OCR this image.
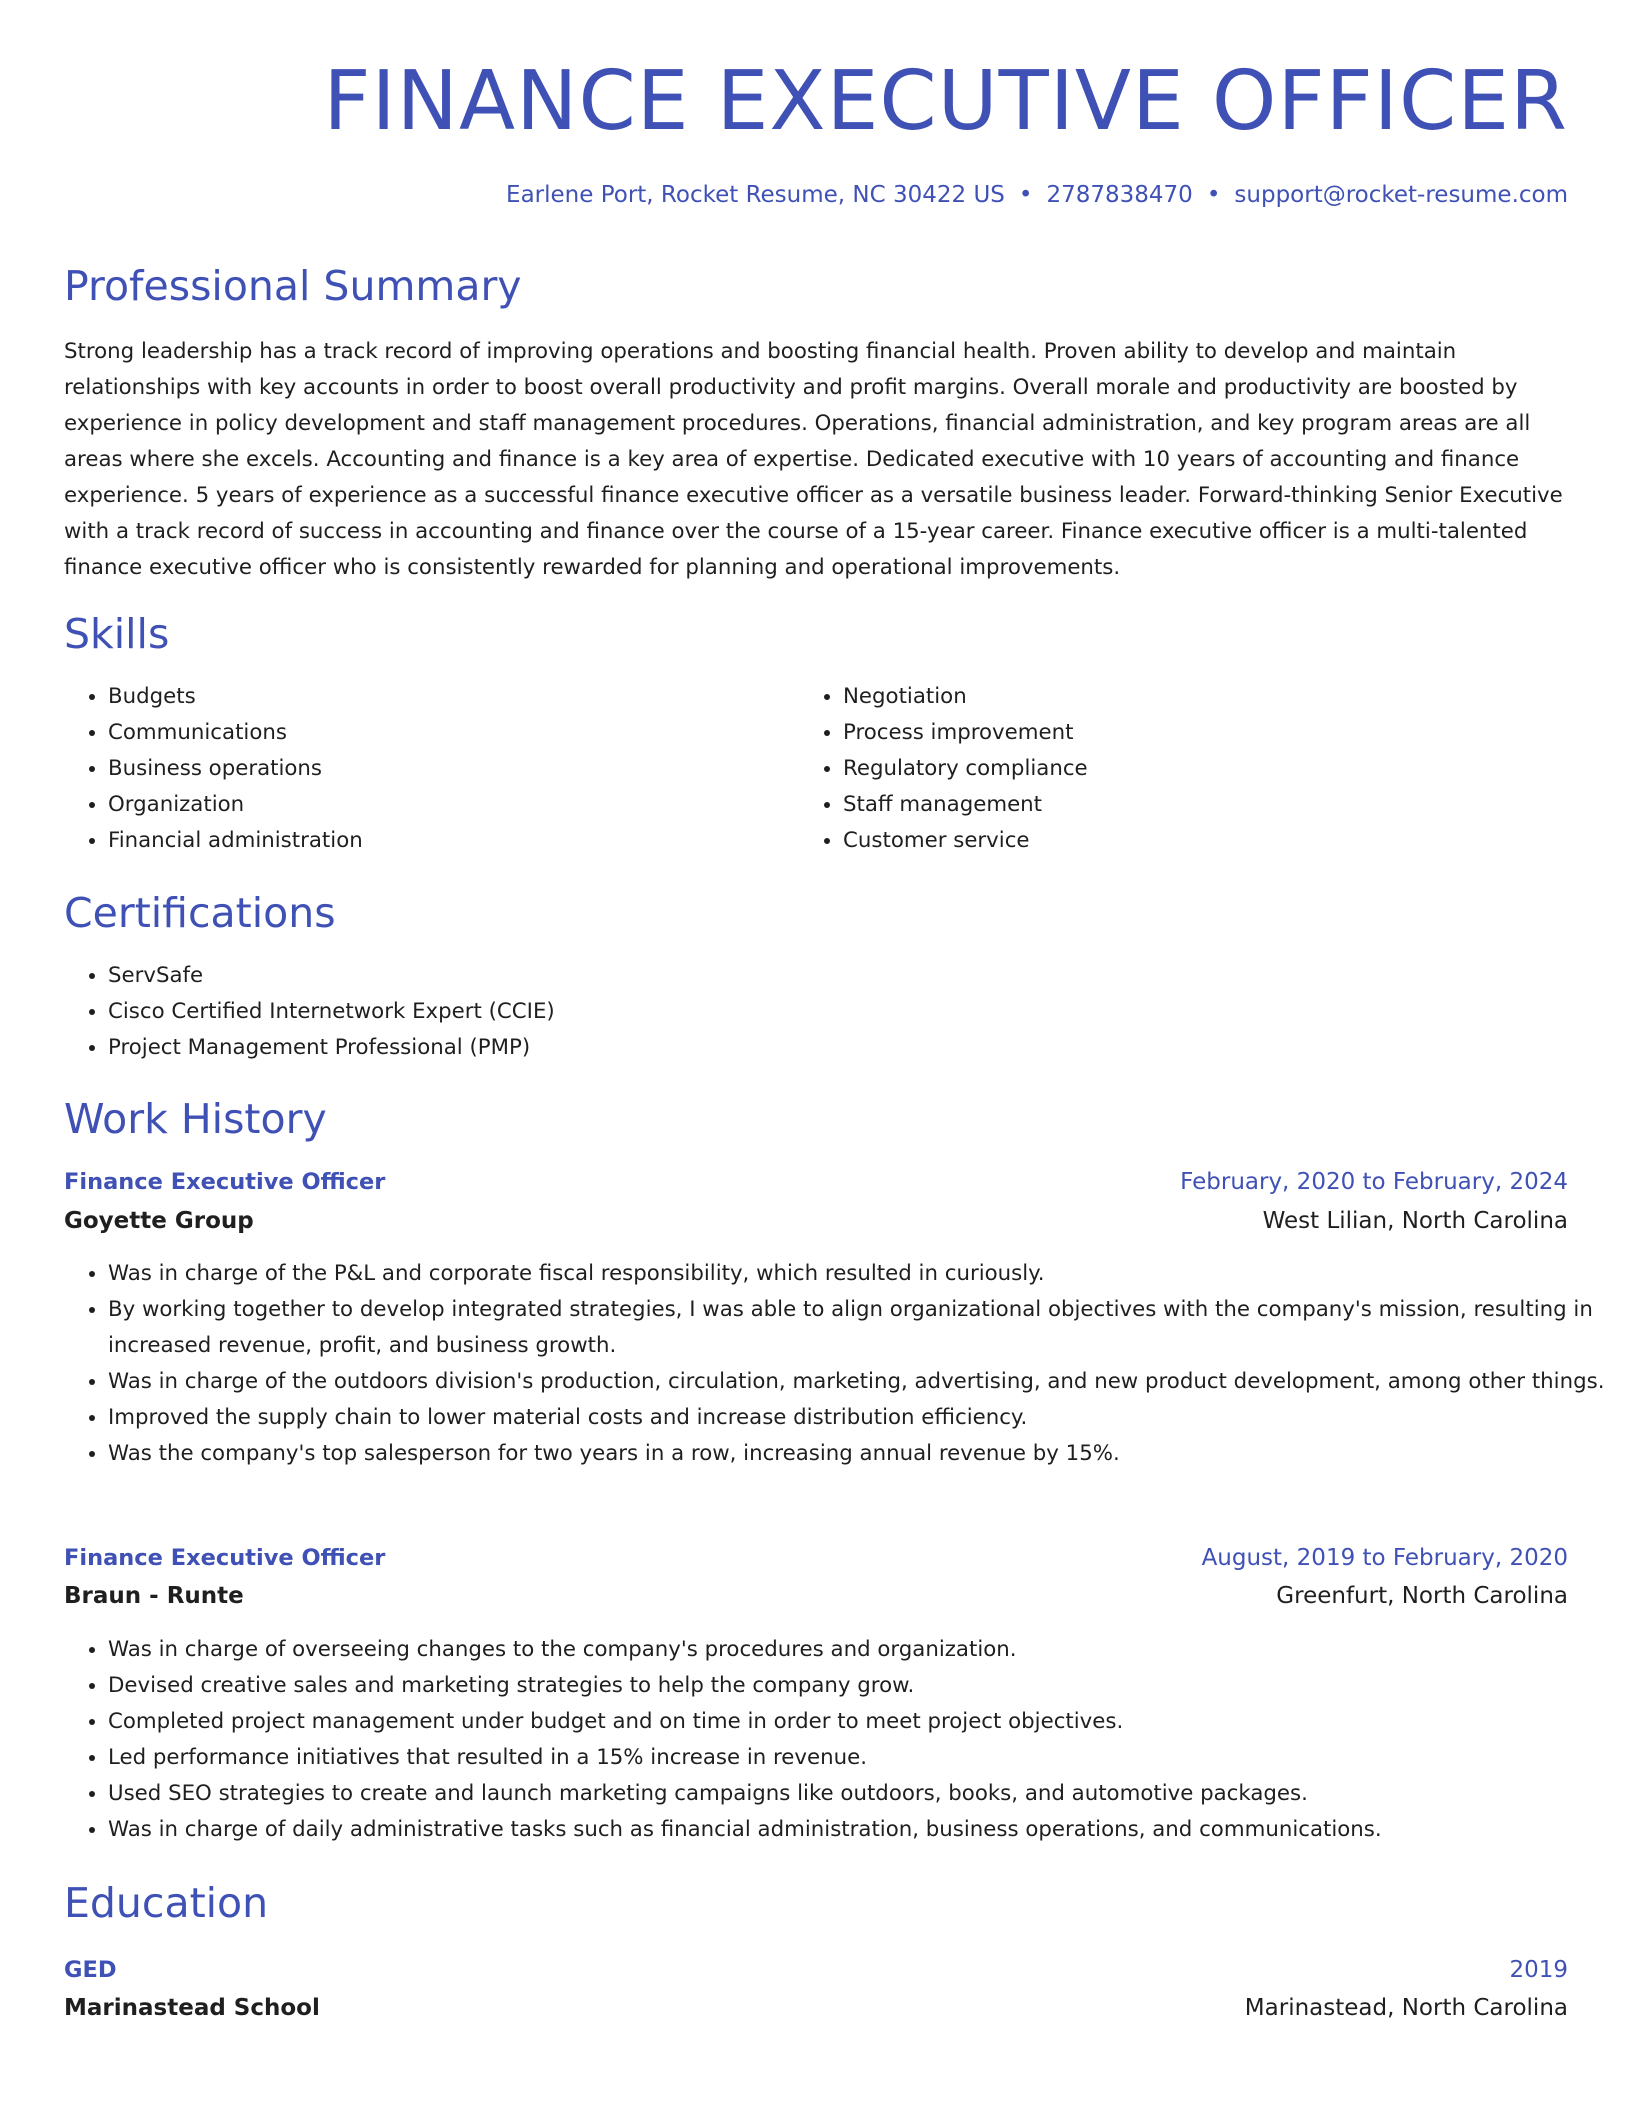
FINANCE EXECUTIVE OFFICER
Earlene Port, Rocket Resume, NC 30422 US • 2787838470 • support@rocket-resume.com
Professional Summary

Strong leadership has a track record of improving operations and boosting financial health. Proven ability to develop and maintain relationships with key accounts in order to boost overall productivity and profit margins. Overall morale and productivity are boosted by experience in policy development and staff management procedures. Operations, financial administration, and key program areas are all areas where she excels. Accounting and finance is a key area of expertise. Dedicated executive with 10 years of accounting and finance experience. 5 years of experience as a successful finance executive officer as a versatile business leader. Forward-thinking Senior Executive with a track record of success in accounting and finance over the course of a 15-year career. Finance executive officer is a multi-talented finance executive officer who is consistently rewarded for planning and operational improvements.

Skills
• Budgets
• Communications
• Business operations
• Organization
• Financial administration
• Negotiation
• Process improvement
• Regulatory compliance
• Staff management
• Customer service
Certifications
• ServSafe
• Cisco Certified Internetwork Expert (CCIE)
• Project Management Professional (PMP)
Work History
Finance Executive Officer	February, 2020 to February, 2024
Goyette Group	West Lilian, North Carolina
• Was in charge of the P&L and corporate fiscal responsibility, which resulted in curiously.
• By working together to develop integrated strategies, I was able to align organizational objectives with the company's mission, resulting in increased revenue, profit, and business growth.
• Was in charge of the outdoors division's production, circulation, marketing, advertising, and new product development, among other things.
• Improved the supply chain to lower material costs and increase distribution efficiency.
• Was the company's top salesperson for two years in a row, increasing annual revenue by 15%.
Finance Executive Officer	August, 2019 to February, 2020
Braun - Runte	Greenfurt, North Carolina
• Was in charge of overseeing changes to the company's procedures and organization.
• Devised creative sales and marketing strategies to help the company grow.
• Completed project management under budget and on time in order to meet project objectives.
• Led performance initiatives that resulted in a 15% increase in revenue.
• Used SEO strategies to create and launch marketing campaigns like outdoors, books, and automotive packages.
• Was in charge of daily administrative tasks such as financial administration, business operations, and communications.
Education
GED	2019
Marinastead School	Marinastead, North Carolina
